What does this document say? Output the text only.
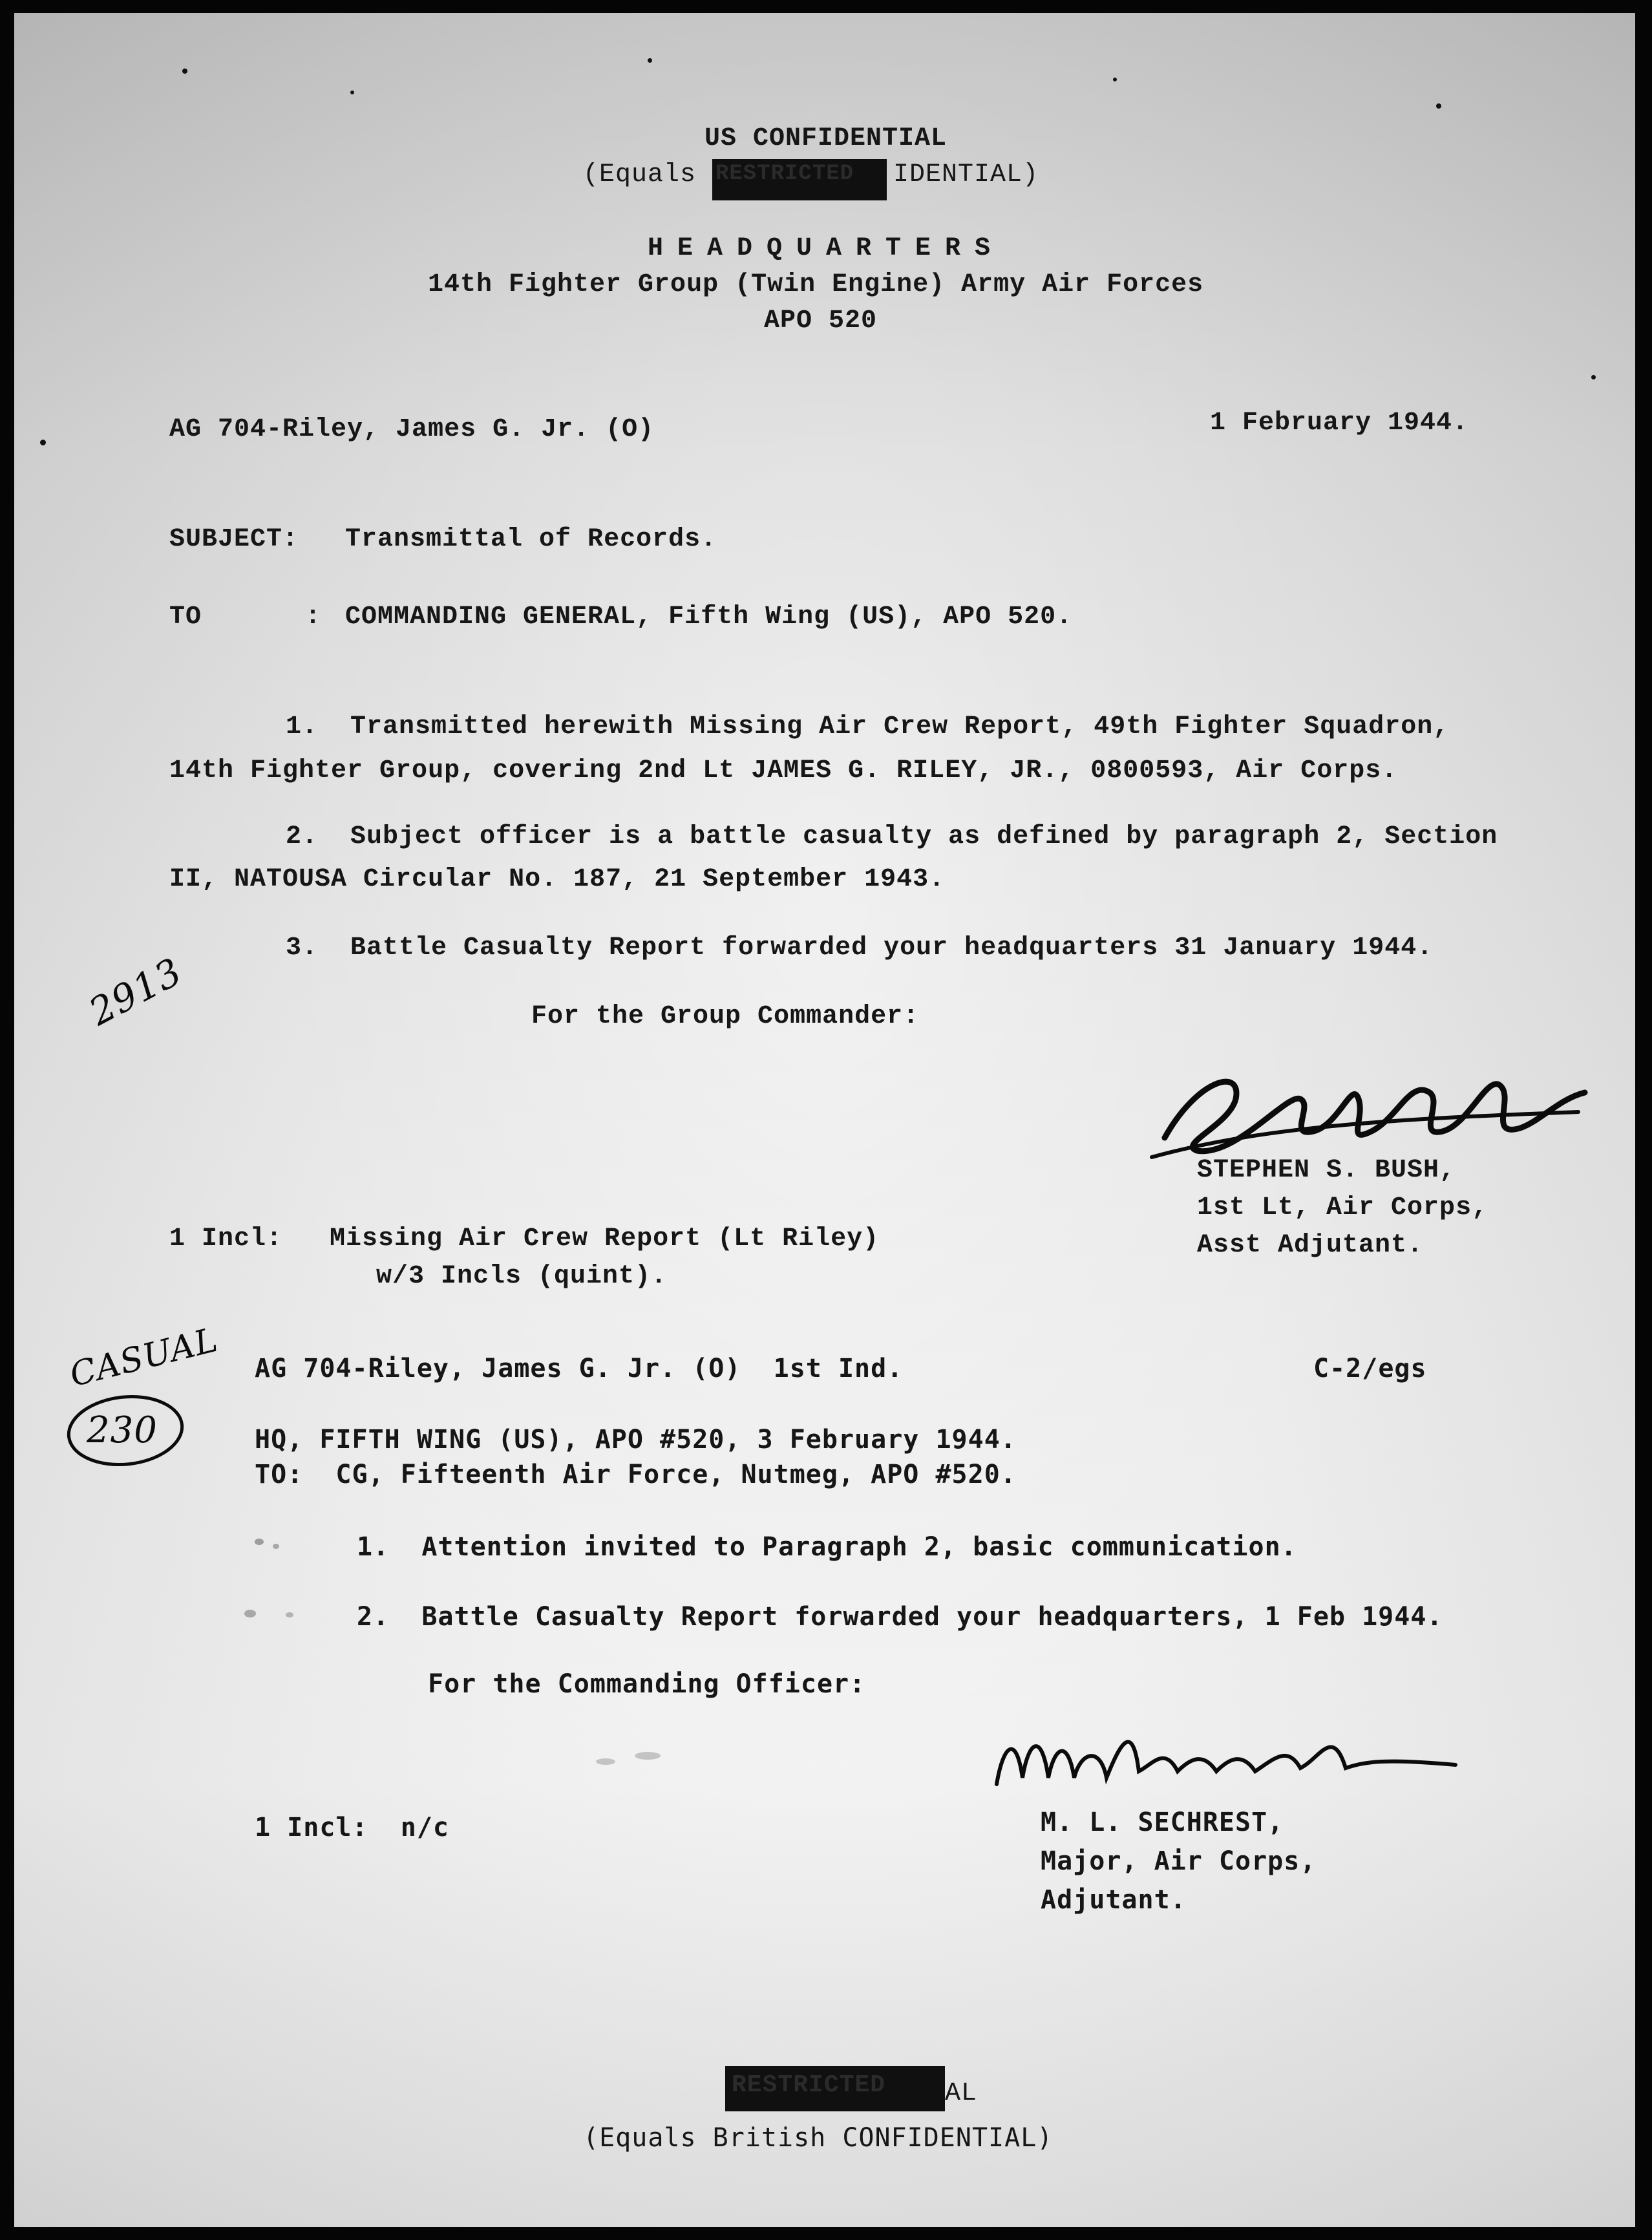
US CONFIDENTIAL
(Equals RESTRICTED IDENTIAL)
HEADQUARTERS
14th Fighter Group (Twin Engine) Army Air Forces
APO 520
AG 704-Riley, James G. Jr. (O)	1 February 1944.
SUBJECT: Transmittal of Records.
TO	: COMMANDING GENERAL, Fifth Wing (US), APO 520.
1.  Transmitted herewith Missing Air Crew Report, 49th Fighter Squadron,
14th Fighter Group, covering 2nd Lt JAMES G. RILEY, JR., 0800593, Air Corps.
2.  Subject officer is a battle casualty as defined by paragraph 2, Section
II, NATOUSA Circular No. 187, 21 September 1943.
3.  Battle Casualty Report forwarded your headquarters 31 January 1944.
For the Group Commander:
2913
STEPHEN S. BUSH,
1st Lt, Air Corps,
Asst Adjutant.
1 Incl: Missing Air Crew Report (Lt Riley)
w/3 Incls (quint).
CASUAL
230
AG 704-Riley, James G. Jr. (O)  1st Ind.	C-2/egs
HQ, FIFTH WING (US), APO #520, 3 February 1944.
TO:  CG, Fifteenth Air Force, Nutmeg, APO #520.
1.  Attention invited to Paragraph 2, basic communication.
2.  Battle Casualty Report forwarded your headquarters, 1 Feb 1944.
For the Commanding Officer:
1 Incl:  n/c	M. L. SECHREST,
Major, Air Corps,
Adjutant.
RESTRICTED AL
(Equals British CONFIDENTIAL)
